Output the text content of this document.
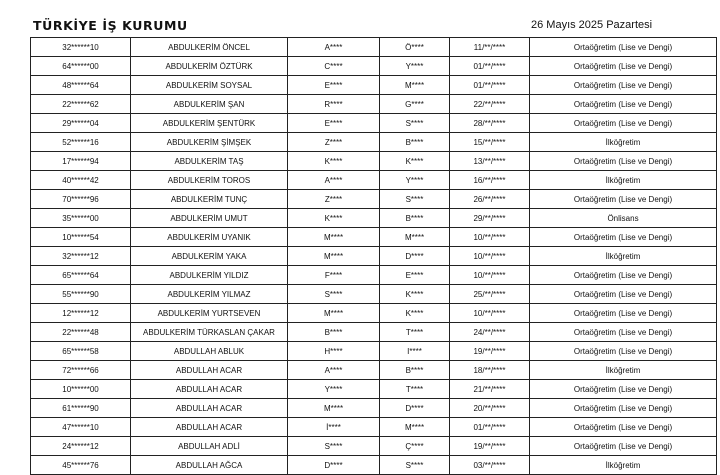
TÜRKİYE İŞ KURUMU	26 Mayıs 2025 Pazartesi
32******10	ABDULKERİM ÖNCEL	A****	Ö****	11/**/****	Ortaöğretim (Lise ve Dengi)
64******00	ABDULKERİM ÖZTÜRK	C****	Y****	01/**/****	Ortaöğretim (Lise ve Dengi)
48******64	ABDULKERİM SOYSAL	E****	M****	01/**/****	Ortaöğretim (Lise ve Dengi)
22******62	ABDULKERİM ŞAN	R****	G****	22/**/****	Ortaöğretim (Lise ve Dengi)
29******04	ABDULKERİM ŞENTÜRK	E****	S****	28/**/****	Ortaöğretim (Lise ve Dengi)
52******16	ABDULKERİM ŞİMŞEK	Z****	B****	15/**/****	İlköğretim
17******94	ABDULKERİM TAŞ	K****	K****	13/**/****	Ortaöğretim (Lise ve Dengi)
40******42	ABDULKERİM TOROS	A****	Y****	16/**/****	İlköğretim
70******96	ABDULKERİM TUNÇ	Z****	S****	26/**/****	Ortaöğretim (Lise ve Dengi)
35******00	ABDULKERİM UMUT	K****	B****	29/**/****	Önlisans
10******54	ABDULKERİM UYANIK	M****	M****	10/**/****	Ortaöğretim (Lise ve Dengi)
32******12	ABDULKERİM YAKA	M****	D****	10/**/****	İlköğretim
65******64	ABDULKERİM YILDIZ	F****	E****	10/**/****	Ortaöğretim (Lise ve Dengi)
55******90	ABDULKERİM YILMAZ	S****	K****	25/**/****	Ortaöğretim (Lise ve Dengi)
12******12	ABDULKERİM YURTSEVEN	M****	K****	10/**/****	Ortaöğretim (Lise ve Dengi)
22******48	ABDULKERİM TÜRKASLAN ÇAKAR	B****	T****	24/**/****	Ortaöğretim (Lise ve Dengi)
65******58	ABDULLAH ABLUK	H****	I****	19/**/****	Ortaöğretim (Lise ve Dengi)
72******66	ABDULLAH ACAR	A****	B****	18/**/****	İlköğretim
10******00	ABDULLAH ACAR	Y****	T****	21/**/****	Ortaöğretim (Lise ve Dengi)
61******90	ABDULLAH ACAR	M****	D****	20/**/****	Ortaöğretim (Lise ve Dengi)
47******10	ABDULLAH ACAR	İ****	M****	01/**/****	Ortaöğretim (Lise ve Dengi)
24******12	ABDULLAH ADLİ	S****	Ç****	19/**/****	Ortaöğretim (Lise ve Dengi)
45******76	ABDULLAH AĞCA	D****	S****	03/**/****	İlköğretim
